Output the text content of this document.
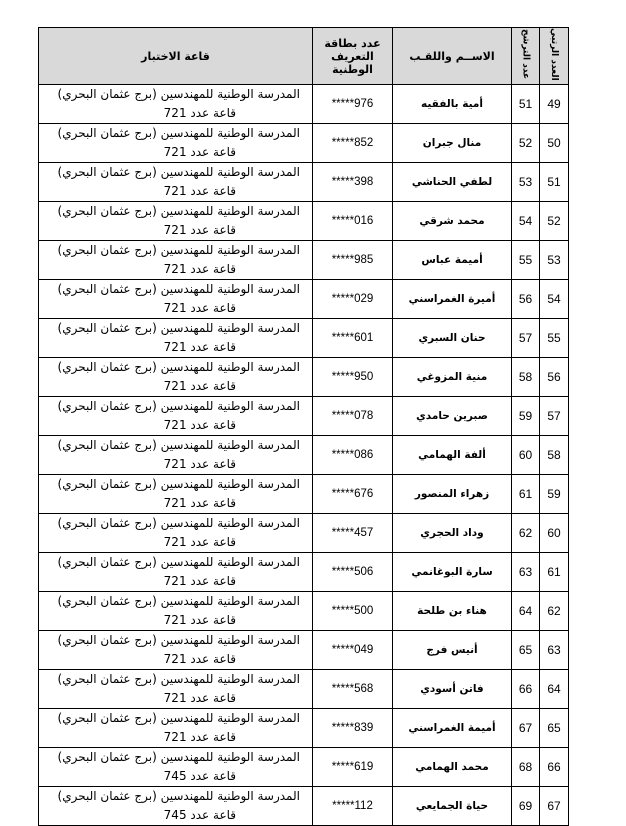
العدد الرتبي	عدد الترشح	الاســم واللقـب	عدد بطاقة التعريف الوطنية	قاعة الاختبار
49	51	أمية بالفقيه	*****976	المدرسة الوطنية للمهندسين (برج عثمان البحري)
قاعة عدد 721

50	52	منال جبران	*****852	المدرسة الوطنية للمهندسين (برج عثمان البحري)
قاعة عدد 721

51	53	لطفي الحناشي	*****398	المدرسة الوطنية للمهندسين (برج عثمان البحري)
قاعة عدد 721

52	54	محمد شرقي	*****016	المدرسة الوطنية للمهندسين (برج عثمان البحري)
قاعة عدد 721

53	55	أميمة عباس	*****985	المدرسة الوطنية للمهندسين (برج عثمان البحري)
قاعة عدد 721

54	56	أميرة الغمراسني	*****029	المدرسة الوطنية للمهندسين (برج عثمان البحري)
قاعة عدد 721

55	57	حنان السبري	*****601	المدرسة الوطنية للمهندسين (برج عثمان البحري)
قاعة عدد 721

56	58	منية المزوغي	*****950	المدرسة الوطنية للمهندسين (برج عثمان البحري)
قاعة عدد 721

57	59	صبرين حامدي	*****078	المدرسة الوطنية للمهندسين (برج عثمان البحري)
قاعة عدد 721

58	60	ألفة الهمامي	*****086	المدرسة الوطنية للمهندسين (برج عثمان البحري)
قاعة عدد 721

59	61	زهراء المنصور	*****676	المدرسة الوطنية للمهندسين (برج عثمان البحري)
قاعة عدد 721

60	62	وداد الحجري	*****457	المدرسة الوطنية للمهندسين (برج عثمان البحري)
قاعة عدد 721

61	63	سارة البوغانمي	*****506	المدرسة الوطنية للمهندسين (برج عثمان البحري)
قاعة عدد 721

62	64	هناء بن طلحة	*****500	المدرسة الوطنية للمهندسين (برج عثمان البحري)
قاعة عدد 721

63	65	أنيس فرج	*****049	المدرسة الوطنية للمهندسين (برج عثمان البحري)
قاعة عدد 721

64	66	فاتن أسودي	*****568	المدرسة الوطنية للمهندسين (برج عثمان البحري)
قاعة عدد 721

65	67	أميمة الغمراسني	*****839	المدرسة الوطنية للمهندسين (برج عثمان البحري)
قاعة عدد 721

66	68	محمد الهمامي	*****619	المدرسة الوطنية للمهندسين (برج عثمان البحري)
قاعة عدد 745

67	69	حياة الجمايعي	*****112	المدرسة الوطنية للمهندسين (برج عثمان البحري)
قاعة عدد 745
